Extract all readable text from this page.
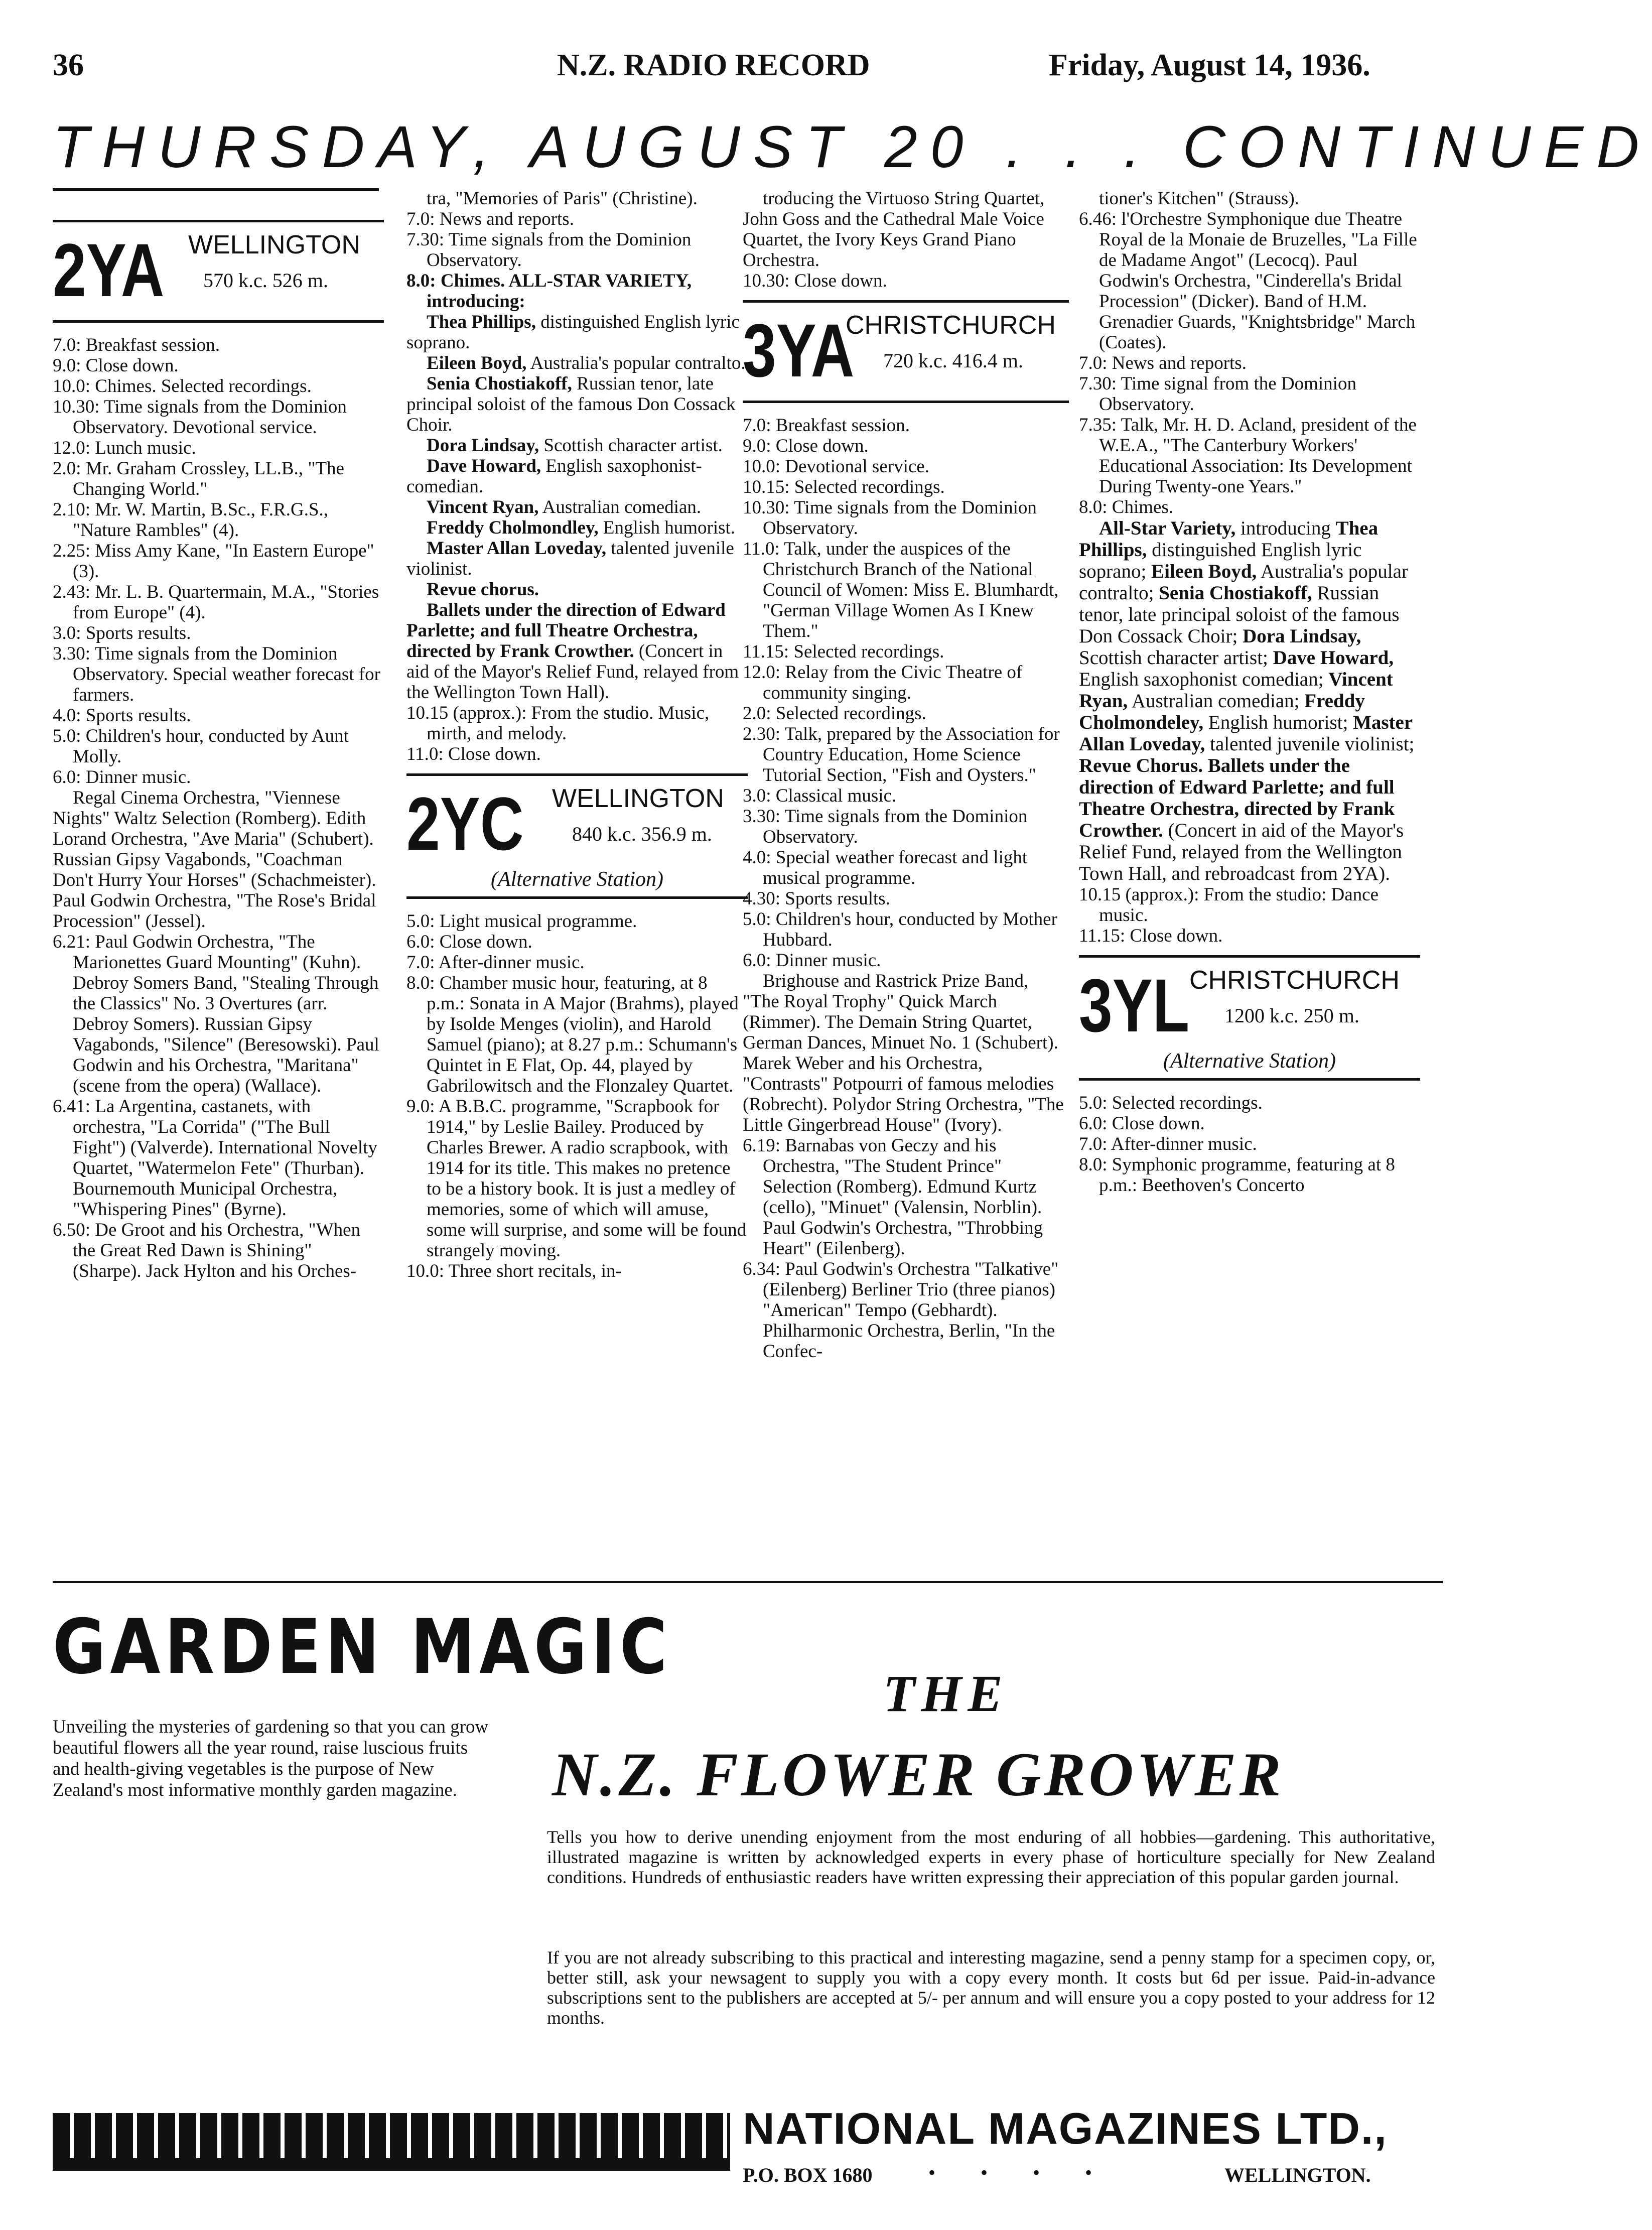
36	N.Z. RADIO RECORD	Friday, August 14, 1936.
THURSDAY, AUGUST 20 . . . CONTINUED
2YA WELLINGTON
570 k.c. 526 m.

7.0: Breakfast session.

9.0: Close down.

10.0: Chimes. Selected recordings.

10.30: Time signals from the Dominion Observatory. Devotional service.

12.0: Lunch music.

2.0: Mr. Graham Crossley, LL.B., "The Changing World."

2.10: Mr. W. Martin, B.Sc., F.R.G.S., "Nature Rambles" (4).

2.25: Miss Amy Kane, "In Eastern Europe" (3).

2.43: Mr. L. B. Quartermain, M.A., "Stories from Europe" (4).

3.0: Sports results.

3.30: Time signals from the Dominion Observatory. Special weather forecast for farmers.

4.0: Sports results.

5.0: Children's hour, conducted by Aunt Molly.

6.0: Dinner music.

Regal Cinema Orchestra, "Viennese Nights" Waltz Selection (Romberg). Edith Lorand Orchestra, "Ave Maria" (Schubert). Russian Gipsy Vagabonds, "Coachman Don't Hurry Your Horses" (Schachmeister). Paul Godwin Orchestra, "The Rose's Bridal Procession" (Jessel).

6.21: Paul Godwin Orchestra, "The Marionettes Guard Mounting" (Kuhn). Debroy Somers Band, "Stealing Through the Classics" No. 3 Overtures (arr. Debroy Somers). Russian Gipsy Vagabonds, "Silence" (Beresowski). Paul Godwin and his Orchestra, "Maritana" (scene from the opera) (Wallace).

6.41: La Argentina, castanets, with orchestra, "La Corrida" ("The Bull Fight") (Valverde). International Novelty Quartet, "Watermelon Fete" (Thurban). Bournemouth Municipal Orchestra, "Whispering Pines" (Byrne).

6.50: De Groot and his Orchestra, "When the Great Red Dawn is Shining" (Sharpe). Jack Hylton and his Orches-

tra, "Memories of Paris" (Christine).

7.0: News and reports.

7.30: Time signals from the Dominion Observatory.

8.0: Chimes. ALL-STAR VARIETY, introducing:

Thea Phillips, distinguished English lyric soprano.

Eileen Boyd, Australia's popular contralto.

Senia Chostiakoff, Russian tenor, late principal soloist of the famous Don Cossack Choir.

Dora Lindsay, Scottish character artist.

Dave Howard, English saxophonist-comedian.

Vincent Ryan, Australian comedian.

Freddy Cholmondley, English humorist.

Master Allan Loveday, talented juvenile violinist.

Revue chorus.

Ballets under the direction of Edward Parlette; and full Theatre Orchestra, directed by Frank Crowther. (Concert in aid of the Mayor's Relief Fund, relayed from the Wellington Town Hall).

10.15 (approx.): From the studio. Music, mirth, and melody.

11.0: Close down.

2YC WELLINGTON
840 k.c. 356.9 m.
(Alternative Station)

5.0: Light musical programme.

6.0: Close down.

7.0: After-dinner music.

8.0: Chamber music hour, featuring, at 8 p.m.: Sonata in A Major (Brahms), played by Isolde Menges (violin), and Harold Samuel (piano); at 8.27 p.m.: Schumann's Quintet in E Flat, Op. 44, played by Gabrilowitsch and the Flonzaley Quartet.

9.0: A B.B.C. programme, "Scrapbook for 1914," by Leslie Bailey. Produced by Charles Brewer. A radio scrapbook, with 1914 for its title. This makes no pretence to be a history book. It is just a medley of memories, some of which will amuse, some will surprise, and some will be found strangely moving.

10.0: Three short recitals, in-

troducing the Virtuoso String Quartet, John Goss and the Cathedral Male Voice Quartet, the Ivory Keys Grand Piano Orchestra.

10.30: Close down.

3YA
CHRISTCHURCH
720 k.c. 416.4 m.

7.0: Breakfast session.

9.0: Close down.

10.0: Devotional service.

10.15: Selected recordings.

10.30: Time signals from the Dominion Observatory.

11.0: Talk, under the auspices of the Christchurch Branch of the National Council of Women: Miss E. Blumhardt, "German Village Women As I Knew Them."

11.15: Selected recordings.

12.0: Relay from the Civic Theatre of community singing.

2.0: Selected recordings.

2.30: Talk, prepared by the Association for Country Education, Home Science Tutorial Section, "Fish and Oysters."

3.0: Classical music.

3.30: Time signals from the Dominion Observatory.

4.0: Special weather forecast and light musical programme.

4.30: Sports results.

5.0: Children's hour, conducted by Mother Hubbard.

6.0: Dinner music.

Brighouse and Rastrick Prize Band, "The Royal Trophy" Quick March (Rimmer). The Demain String Quartet, German Dances, Minuet No. 1 (Schubert). Marek Weber and his Orchestra, "Contrasts" Potpourri of famous melodies (Robrecht). Polydor String Orchestra, "The Little Gingerbread House" (Ivory).

6.19: Barnabas von Geczy and his Orchestra, "The Student Prince" Selection (Romberg). Edmund Kurtz (cello), "Minuet" (Valensin, Norblin). Paul Godwin's Orchestra, "Throbbing Heart" (Eilenberg).

6.34: Paul Godwin's Orchestra "Talkative" (Eilenberg) Berliner Trio (three pianos) "American" Tempo (Gebhardt). Philharmonic Orchestra, Berlin, "In the Confec-

tioner's Kitchen" (Strauss).

6.46: l'Orchestre Symphonique due Theatre Royal de la Monaie de Bruzelles, "La Fille de Madame Angot" (Lecocq). Paul Godwin's Orchestra, "Cinderella's Bridal Procession" (Dicker). Band of H.M. Grenadier Guards, "Knightsbridge" March (Coates).

7.0: News and reports.

7.30: Time signal from the Dominion Observatory.

7.35: Talk, Mr. H. D. Acland, president of the W.E.A., "The Canterbury Workers' Educational Association: Its Development During Twenty-one Years."

8.0: Chimes.

All-Star Variety, introducing Thea Phillips, distinguished English lyric soprano; Eileen Boyd, Australia's popular contralto; Senia Chostiakoff, Russian tenor, late principal soloist of the famous Don Cossack Choir; Dora Lindsay, Scottish character artist; Dave Howard, English saxophonist comedian; Vincent Ryan, Australian comedian; Freddy Cholmondeley, English humorist; Master Allan Loveday, talented juvenile violinist; Revue Chorus. Ballets under the direction of Edward Parlette; and full Theatre Orchestra, directed by Frank Crowther. (Concert in aid of the Mayor's Relief Fund, relayed from the Wellington Town Hall, and rebroadcast from 2YA).

10.15 (approx.): From the studio: Dance music.

11.15: Close down.

3YL CHRISTCHURCH
1200 k.c. 250 m.
(Alternative Station)

5.0: Selected recordings.

6.0: Close down.

7.0: After-dinner music.

8.0: Symphonic programme, featuring at 8 p.m.: Beethoven's Concerto

GARDEN MAGIC
Unveiling the mysteries of gardening so that you can grow beautiful flowers all the year round, raise luscious fruits and health-giving vegetables is the purpose of New Zealand's most informative monthly garden magazine.
THE
N.Z. FLOWER GROWER
Tells you how to derive unending enjoyment from the most enduring of all hobbies—gardening. This authoritative, illustrated magazine is written by acknowledged experts in every phase of horticulture specially for New Zealand conditions. Hundreds of enthusiastic readers have written expressing their appreciation of this popular garden journal.
If you are not already subscribing to this practical and interesting magazine, send a penny stamp for a specimen copy, or, better still, ask your newsagent to supply you with a copy every month. It costs but 6d per issue. Paid-in-advance subscriptions sent to the publishers are accepted at 5/- per annum and will ensure you a copy posted to your address for 12 months.
NATIONAL MAGAZINES LTD.,
P.O. BOX 1680	• • • •	WELLINGTON.
